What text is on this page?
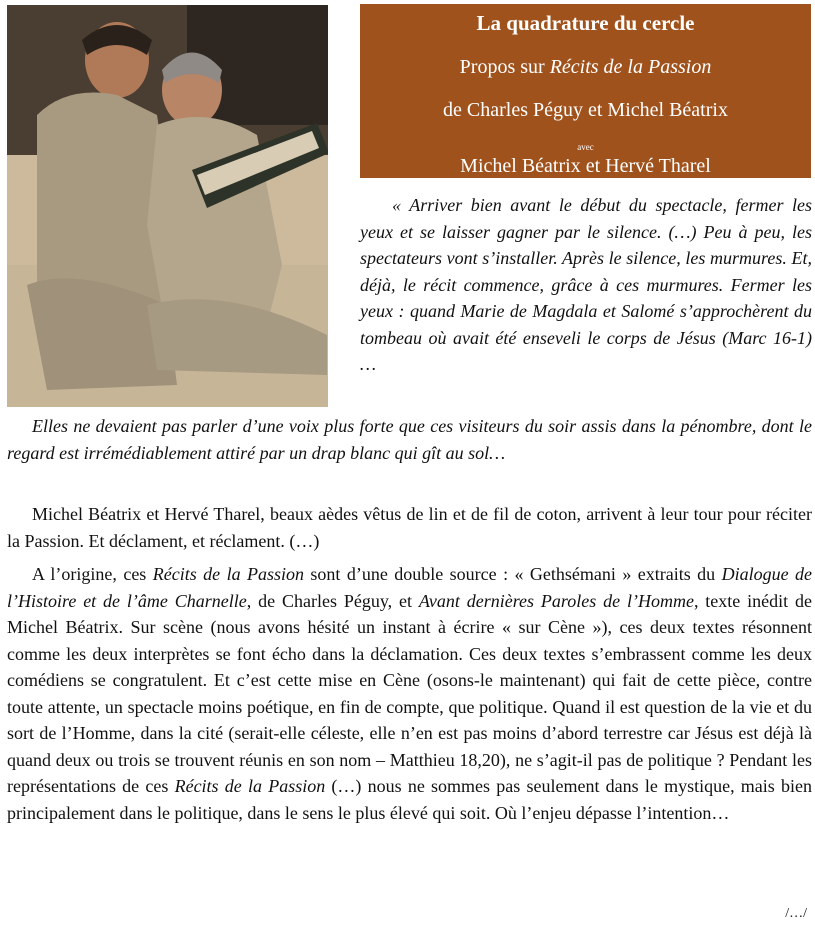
La quadrature du cercle
Propos sur Récits de la Passion
de Charles Péguy et Michel Béatrix
avec
Michel Béatrix et Hervé Tharel

« Arriver bien avant le début du spectacle, fermer les yeux et se laisser gagner par le silence. (…) Peu à peu, les spectateurs vont s’installer. Après le silence, les murmures. Et, déjà, le récit commence, grâce à ces murmures. Fermer les yeux : quand Marie de Magdala et Salomé s’approchèrent du tombeau où avait été enseveli le corps de Jésus (Marc 16-1) …

Elles ne devaient pas parler d’une voix plus forte que ces visiteurs du soir assis dans la pénombre, dont le regard est irrémédiablement attiré par un drap blanc qui gît au sol…

Michel Béatrix et Hervé Tharel, beaux aèdes vêtus de lin et de fil de coton, arrivent à leur tour pour réciter la Passion. Et déclament, et réclament. (…)

A l’origine, ces Récits de la Passion sont d’une double source : « Gethsémani » extraits du Dialogue de l’Histoire et de l’âme Charnelle, de Charles Péguy, et Avant dernières Paroles de l’Homme, texte inédit de Michel Béatrix. Sur scène (nous avons hésité un instant à écrire « sur Cène »), ces deux textes résonnent comme les deux interprètes se font écho dans la déclamation. Ces deux textes s’embrassent comme les deux comédiens se congratulent. Et c’est cette mise en Cène (osons-le maintenant) qui fait de cette pièce, contre toute attente, un spectacle moins poétique, en fin de compte, que politique. Quand il est question de la vie et du sort de l’Homme, dans la cité (serait-elle céleste, elle n’en est pas moins d’abord terrestre car Jésus est déjà là quand deux ou trois se trouvent réunis en son nom – Matthieu 18,20), ne s’agit-il pas de politique ? Pendant les représentations de ces Récits de la Passion (…) nous ne sommes pas seulement dans le mystique, mais bien principalement dans le politique, dans le sens le plus élevé qui soit. Où l’enjeu dépasse l’intention…

/…/
